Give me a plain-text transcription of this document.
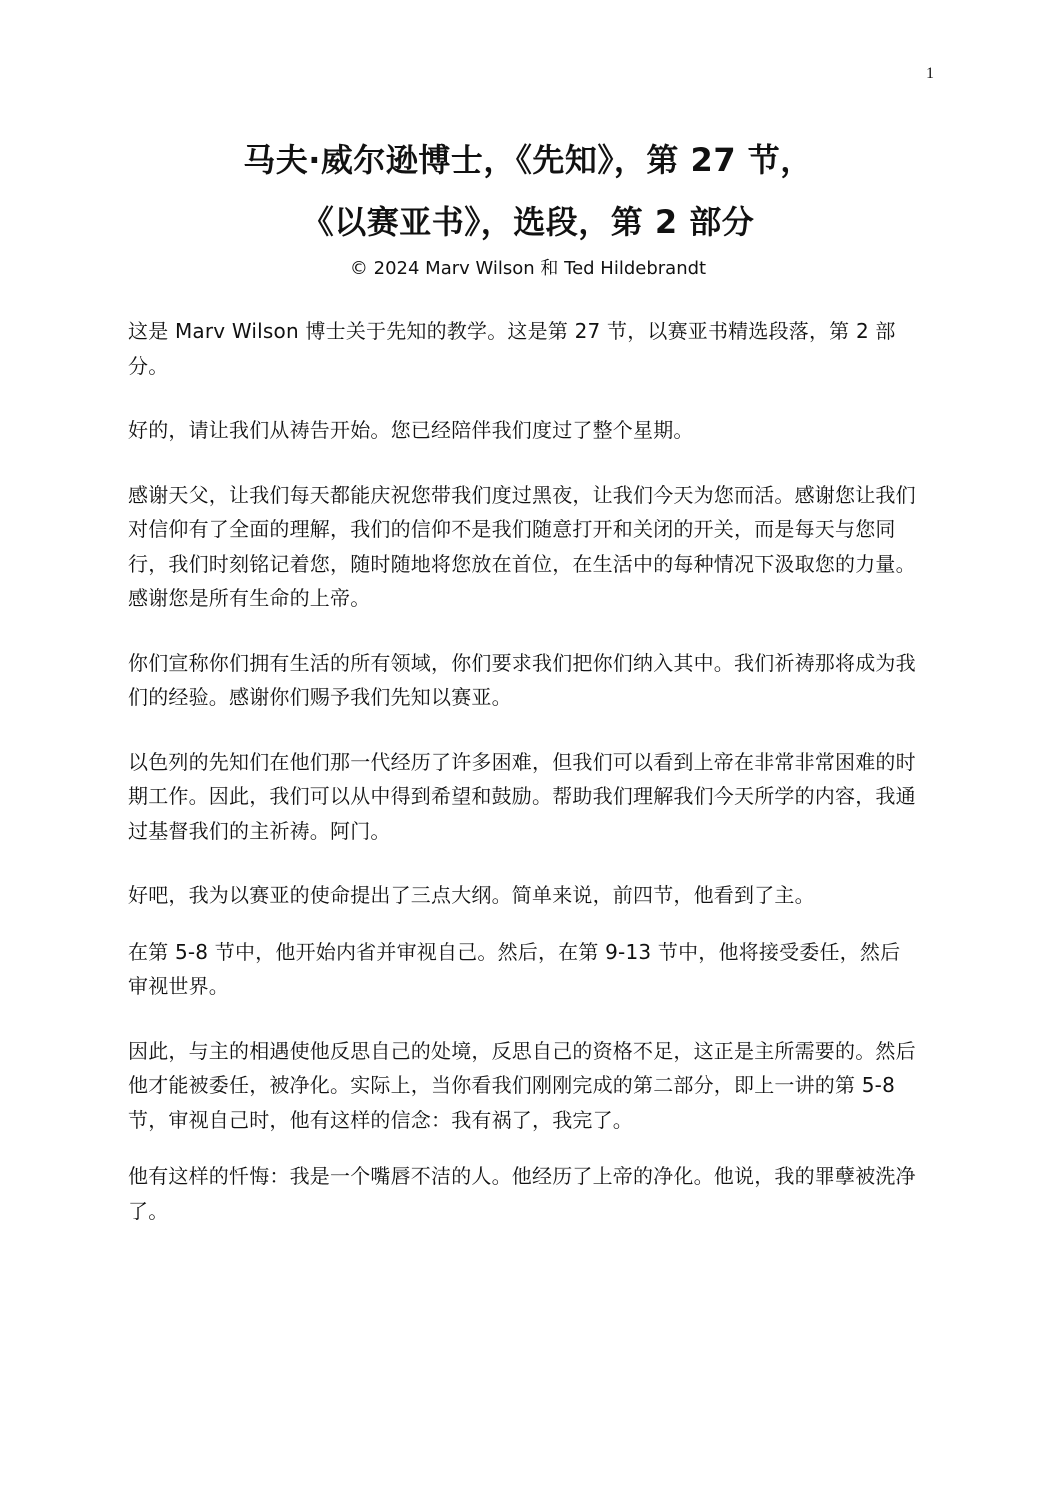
1
马夫·威尔逊博士，《先知》，第 27 节，
《以赛亚书》，选段，第 2 部分
© 2024 Marv Wilson 和 Ted Hildebrandt

这是 Marv Wilson 博士关于先知的教学。这是第 27 节，以赛亚书精选段落，第 2 部分。

好的，请让我们从祷告开始。您已经陪伴我们度过了整个星期。

感谢天父，让我们每天都能庆祝您带我们度过黑夜，让我们今天为您而活。感谢您让我们对信仰有了全面的理解，我们的信仰不是我们随意打开和关闭的开关，而是每天与您同行，我们时刻铭记着您，随时随地将您放在首位，在生活中的每种情况下汲取您的力量。感谢您是所有生命的上帝。

你们宣称你们拥有生活的所有领域，你们要求我们把你们纳入其中。我们祈祷那将成为我们的经验。感谢你们赐予我们先知以赛亚。

以色列的先知们在他们那一代经历了许多困难，但我们可以看到上帝在非常非常困难的时期工作。因此，我们可以从中得到希望和鼓励。帮助我们理解我们今天所学的内容，我通过基督我们的主祈祷。阿门。

好吧，我为以赛亚的使命提出了三点大纲。简单来说，前四节，他看到了主。

在第 5-8 节中，他开始内省并审视自己。然后，在第 9-13 节中，他将接受委任，然后审视世界。

因此，与主的相遇使他反思自己的处境，反思自己的资格不足，这正是主所需要的。然后他才能被委任，被净化。实际上，当你看我们刚刚完成的第二部分，即上一讲的第 5-8 节，审视自己时，他有这样的信念：我有祸了，我完了。

他有这样的忏悔：我是一个嘴唇不洁的人。他经历了上帝的净化。他说，我的罪孽被洗净了。
